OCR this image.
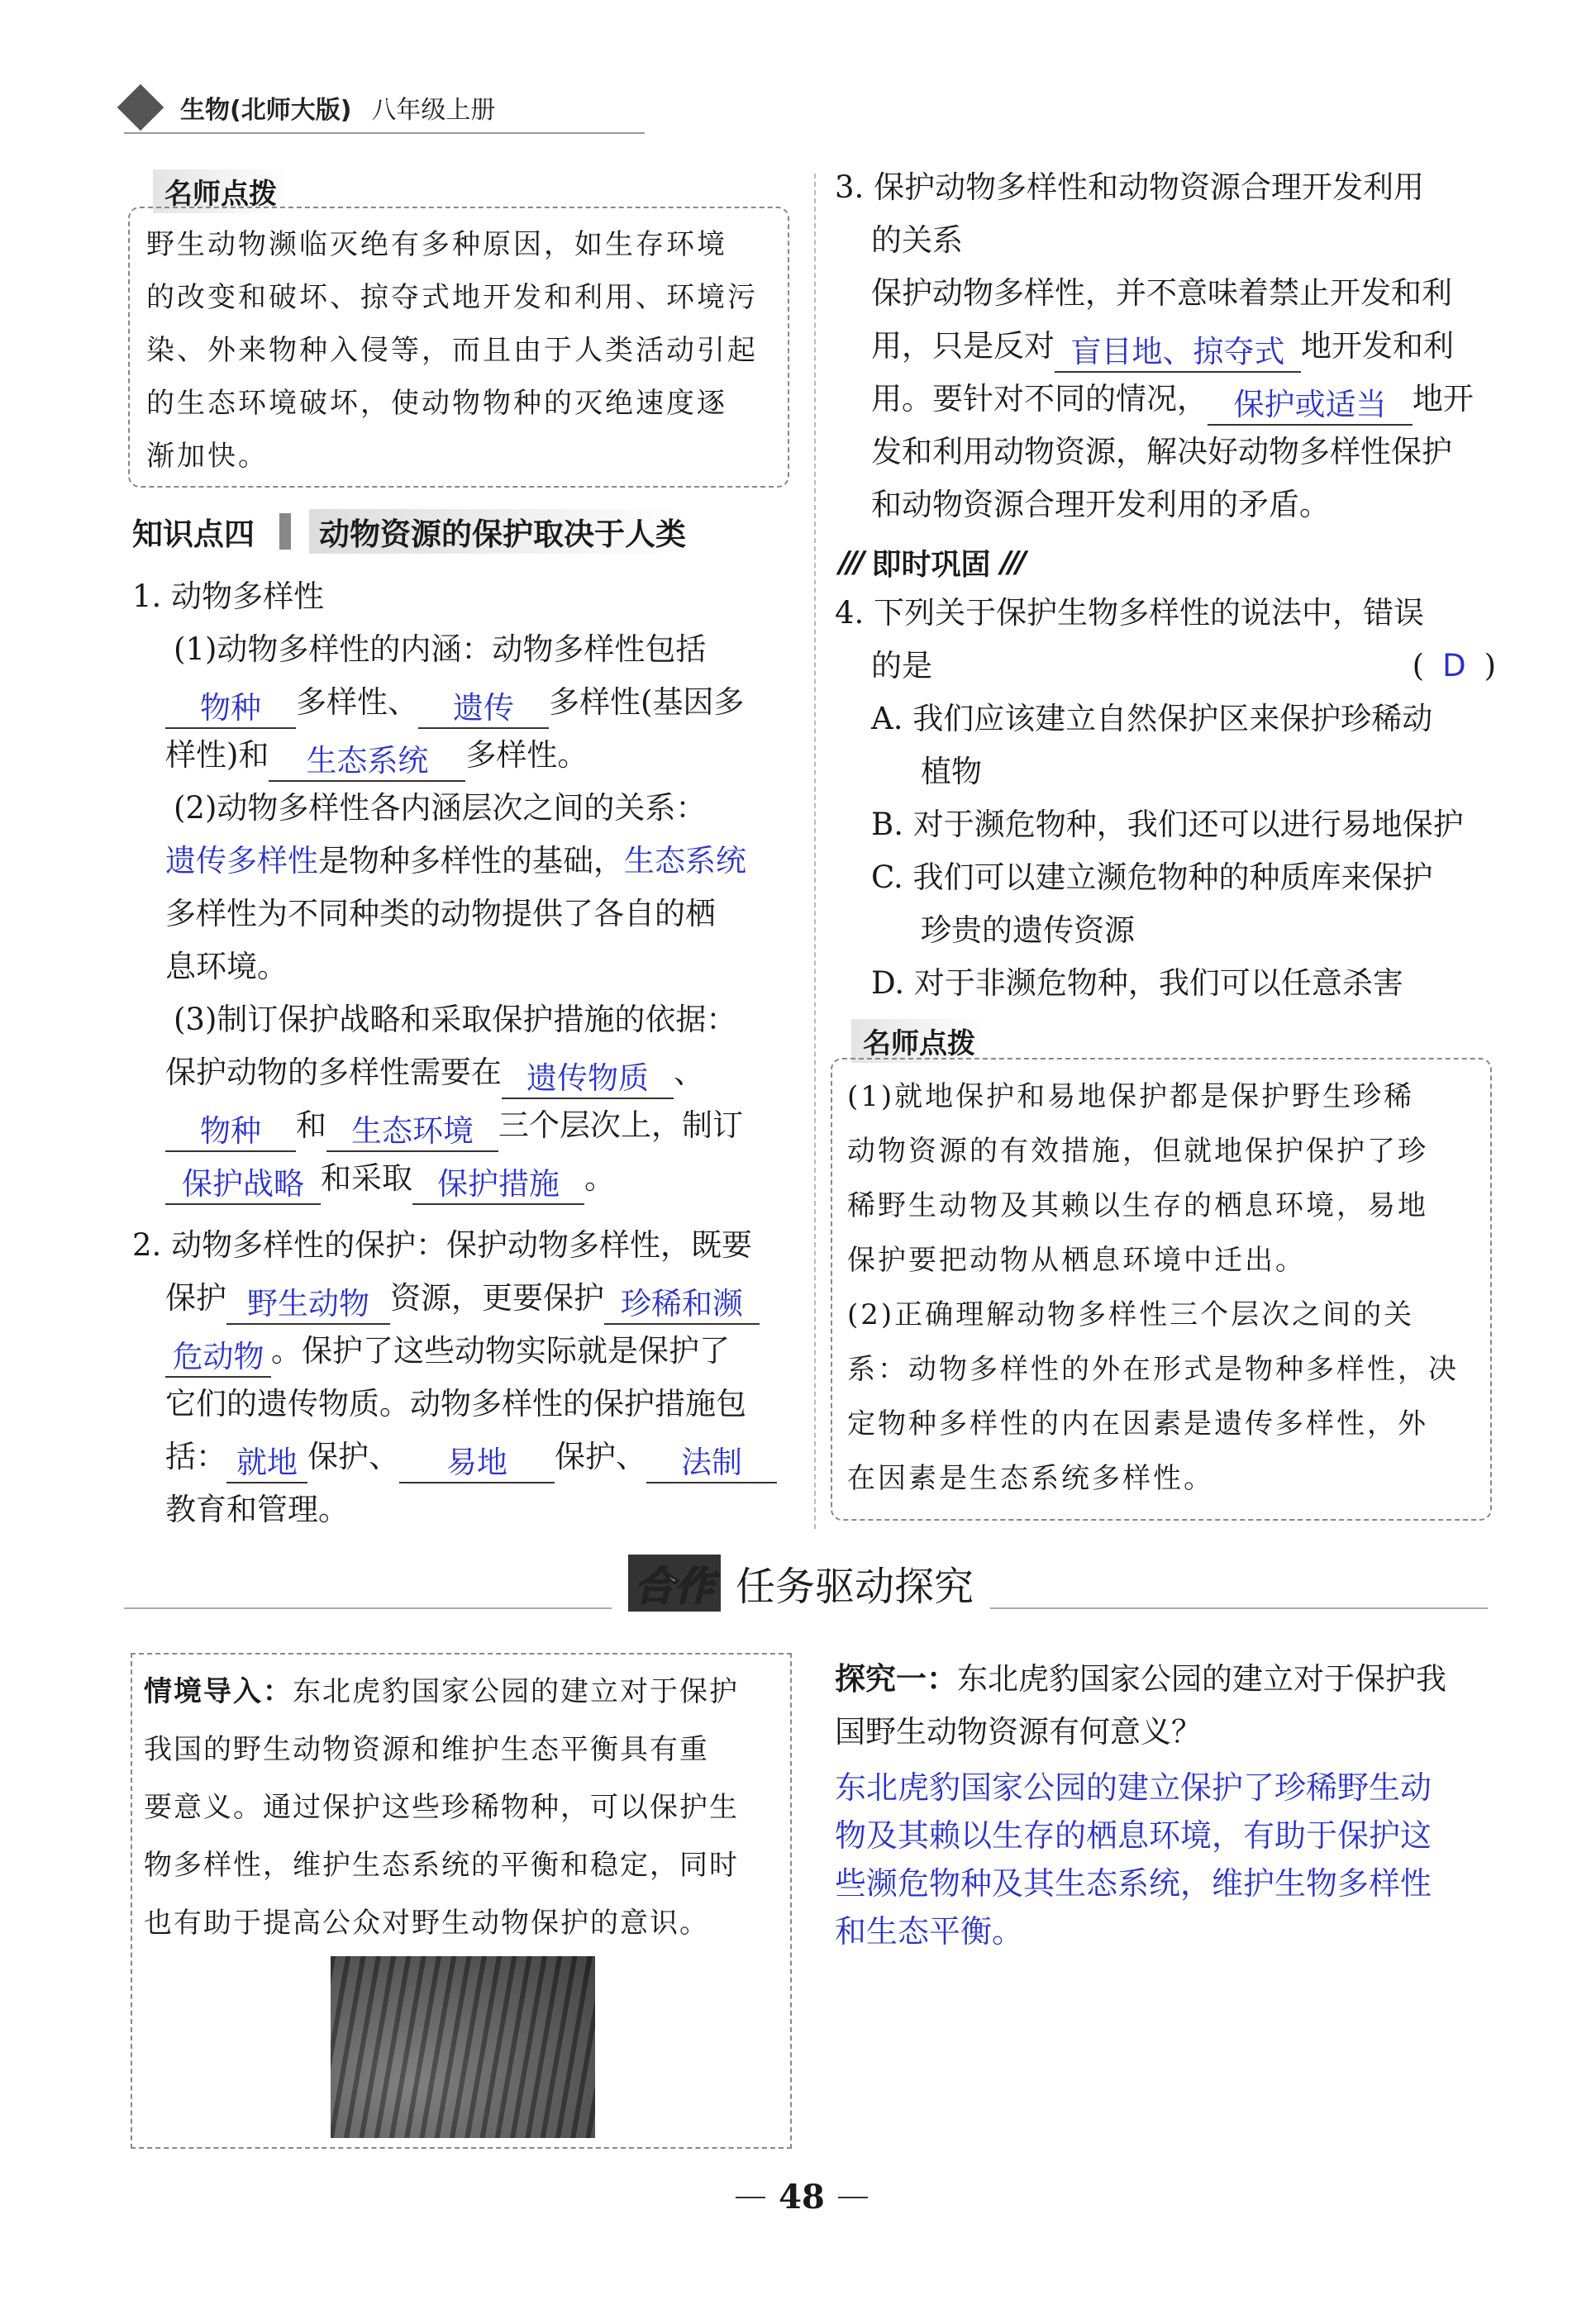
生物(北师大版) 八年级上册
名师点拨
野生动物濒临灭绝有多种原因，如生存环境
的改变和破坏、掠夺式地开发和利用、环境污
染、外来物种入侵等，而且由于人类活动引起
的生态环境破坏，使动物物种的灭绝速度逐
渐加快。
知识点四	动物资源的保护取决于人类
1. 动物多样性
(1)动物多样性的内涵：动物多样性包括
物种 多样性、 遗传 多样性(基因多
样性)和 生态系统 多样性。
(2)动物多样性各内涵层次之间的关系：
遗传多样性是物种多样性的基础，生态系统
多样性为不同种类的动物提供了各自的栖
息环境。
(3)制订保护战略和采取保护措施的依据：
保护动物的多样性需要在 遗传物质 、
物种 和 生态环境 三个层次上，制订
保护战略 和采取 保护措施 。
2. 动物多样性的保护：保护动物多样性，既要
保护 野生动物 资源，更要保护 珍稀和濒
危动物 。保护了这些动物实际就是保护了
它们的遗传物质。动物多样性的保护措施包
括： 就地 保护、 易地 保护、 法制
教育和管理。
3. 保护动物多样性和动物资源合理开发利用
的关系
保护动物多样性，并不意味着禁止开发和利
用，只是反对 盲目地、掠夺式 地开发和利
用。要针对不同的情况， 保护或适当 地开
发和利用动物资源，解决好动物多样性保护
和动物资源合理开发利用的矛盾。
/// 即时巩固 ///
4. 下列关于保护生物多样性的说法中，错误
的是	( D )
A. 我们应该建立自然保护区来保护珍稀动
植物
B. 对于濒危物种，我们还可以进行易地保护
C. 我们可以建立濒危物种的种质库来保护
珍贵的遗传资源
D. 对于非濒危物种，我们可以任意杀害
名师点拨
(1)就地保护和易地保护都是保护野生珍稀
动物资源的有效措施，但就地保护保护了珍
稀野生动物及其赖以生存的栖息环境，易地
保护要把动物从栖息环境中迁出。
(2)正确理解动物多样性三个层次之间的关
系：动物多样性的外在形式是物种多样性，决
定物种多样性的内在因素是遗传多样性，外
在因素是生态系统多样性。
合作 任务驱动探究
情境导入：东北虎豹国家公园的建立对于保护
我国的野生动物资源和维护生态平衡具有重
要意义。通过保护这些珍稀物种，可以保护生
物多样性，维护生态系统的平衡和稳定，同时
也有助于提高公众对野生动物保护的意识。
探究一：东北虎豹国家公园的建立对于保护我
国野生动物资源有何意义？
东北虎豹国家公园的建立保护了珍稀野生动
物及其赖以生存的栖息环境，有助于保护这
些濒危物种及其生态系统，维护生物多样性
和生态平衡。
48
